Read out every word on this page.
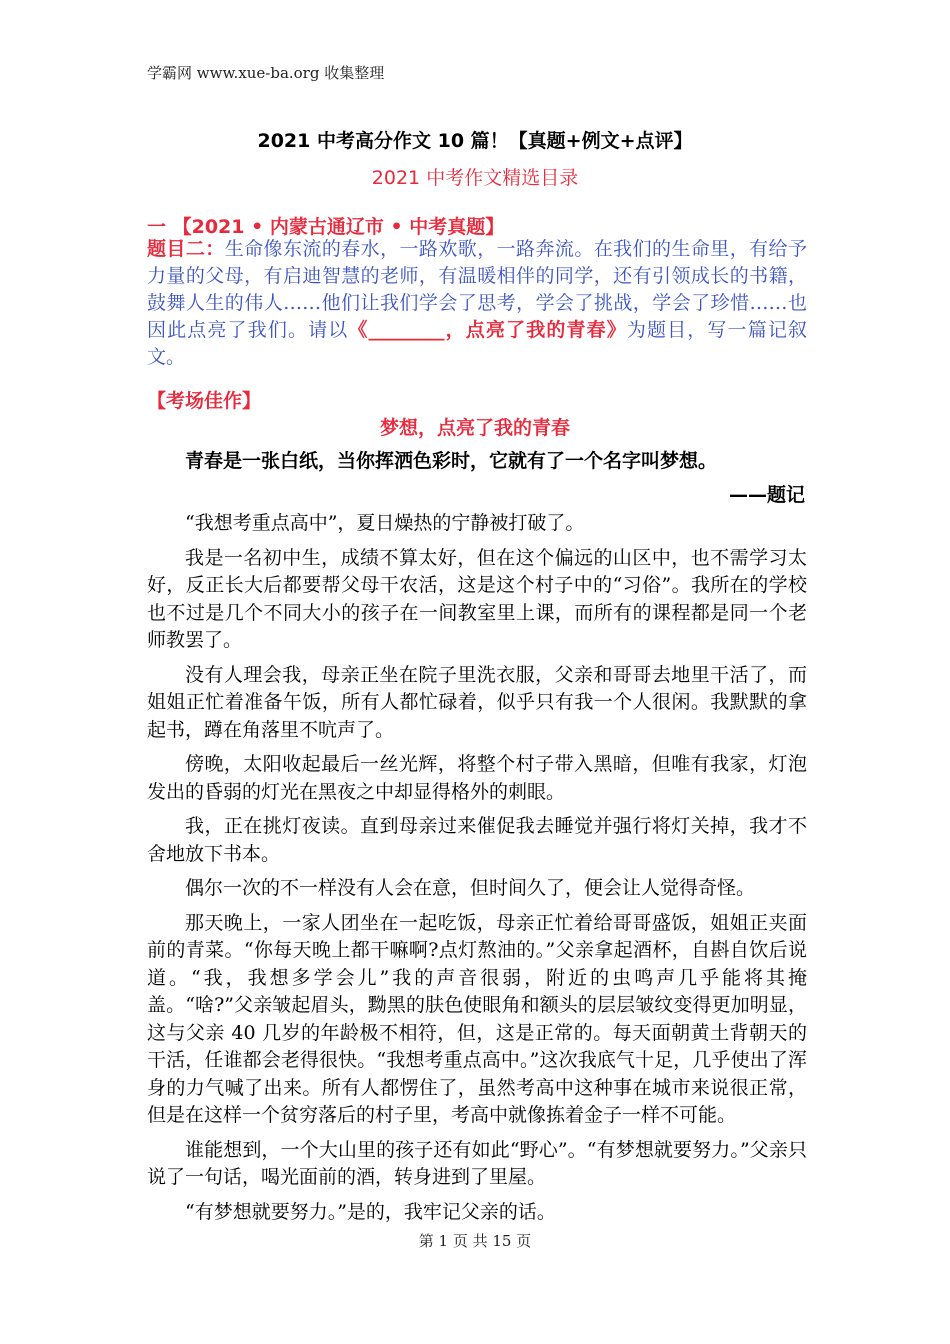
学霸网 www.xue-ba.org 收集整理
2021 中考高分作文 10 篇！【真题+例文+点评】
2021 中考作文精选目录
一 【2021 • 内蒙古通辽市 • 中考真题】
题目二：生命像东流的春水，一路欢歌，一路奔流。在我们的生命里，有给予力量的父母，有启迪智慧的老师，有温暖相伴的同学，还有引领成长的书籍，鼓舞人生的伟人……他们让我们学会了思考，学会了挑战，学会了珍惜……也因此点亮了我们。请以《________，点亮了我的青春》为题目，写一篇记叙文。
【考场佳作】
梦想，点亮了我的青春
青春是一张白纸，当你挥洒色彩时，它就有了一个名字叫梦想。
——题记

“我想考重点高中”，夏日燥热的宁静被打破了。

我是一名初中生，成绩不算太好，但在这个偏远的山区中，也不需学习太好，反正长大后都要帮父母干农活，这是这个村子中的“习俗”。我所在的学校也不过是几个不同大小的孩子在一间教室里上课，而所有的课程都是同一个老师教罢了。

没有人理会我，母亲正坐在院子里洗衣服，父亲和哥哥去地里干活了，而姐姐正忙着准备午饭，所有人都忙碌着，似乎只有我一个人很闲。我默默的拿起书，蹲在角落里不吭声了。

傍晚，太阳收起最后一丝光辉，将整个村子带入黑暗，但唯有我家，灯泡发出的昏弱的灯光在黑夜之中却显得格外的刺眼。

我，正在挑灯夜读。直到母亲过来催促我去睡觉并强行将灯关掉，我才不舍地放下书本。

偶尔一次的不一样没有人会在意，但时间久了，便会让人觉得奇怪。

那天晚上，一家人团坐在一起吃饭，母亲正忙着给哥哥盛饭，姐姐正夹面前的青菜。“你每天晚上都干嘛啊?点灯熬油的。”父亲拿起酒杯，自斟自饮后说道。“我，我想多学会儿”我的声音很弱，附近的虫鸣声几乎能将其掩盖。“啥?”父亲皱起眉头，黝黑的肤色使眼角和额头的层层皱纹变得更加明显，这与父亲 40 几岁的年龄极不相符，但，这是正常的。每天面朝黄土背朝天的干活，任谁都会老得很快。“我想考重点高中。”这次我底气十足，几乎使出了浑身的力气喊了出来。所有人都愣住了，虽然考高中这种事在城市来说很正常，但是在这样一个贫穷落后的村子里，考高中就像拣着金子一样不可能。

谁能想到，一个大山里的孩子还有如此“野心”。“有梦想就要努力。”父亲只说了一句话，喝光面前的酒，转身进到了里屋。

“有梦想就要努力。”是的，我牢记父亲的话。

第 1 页 共 15 页
